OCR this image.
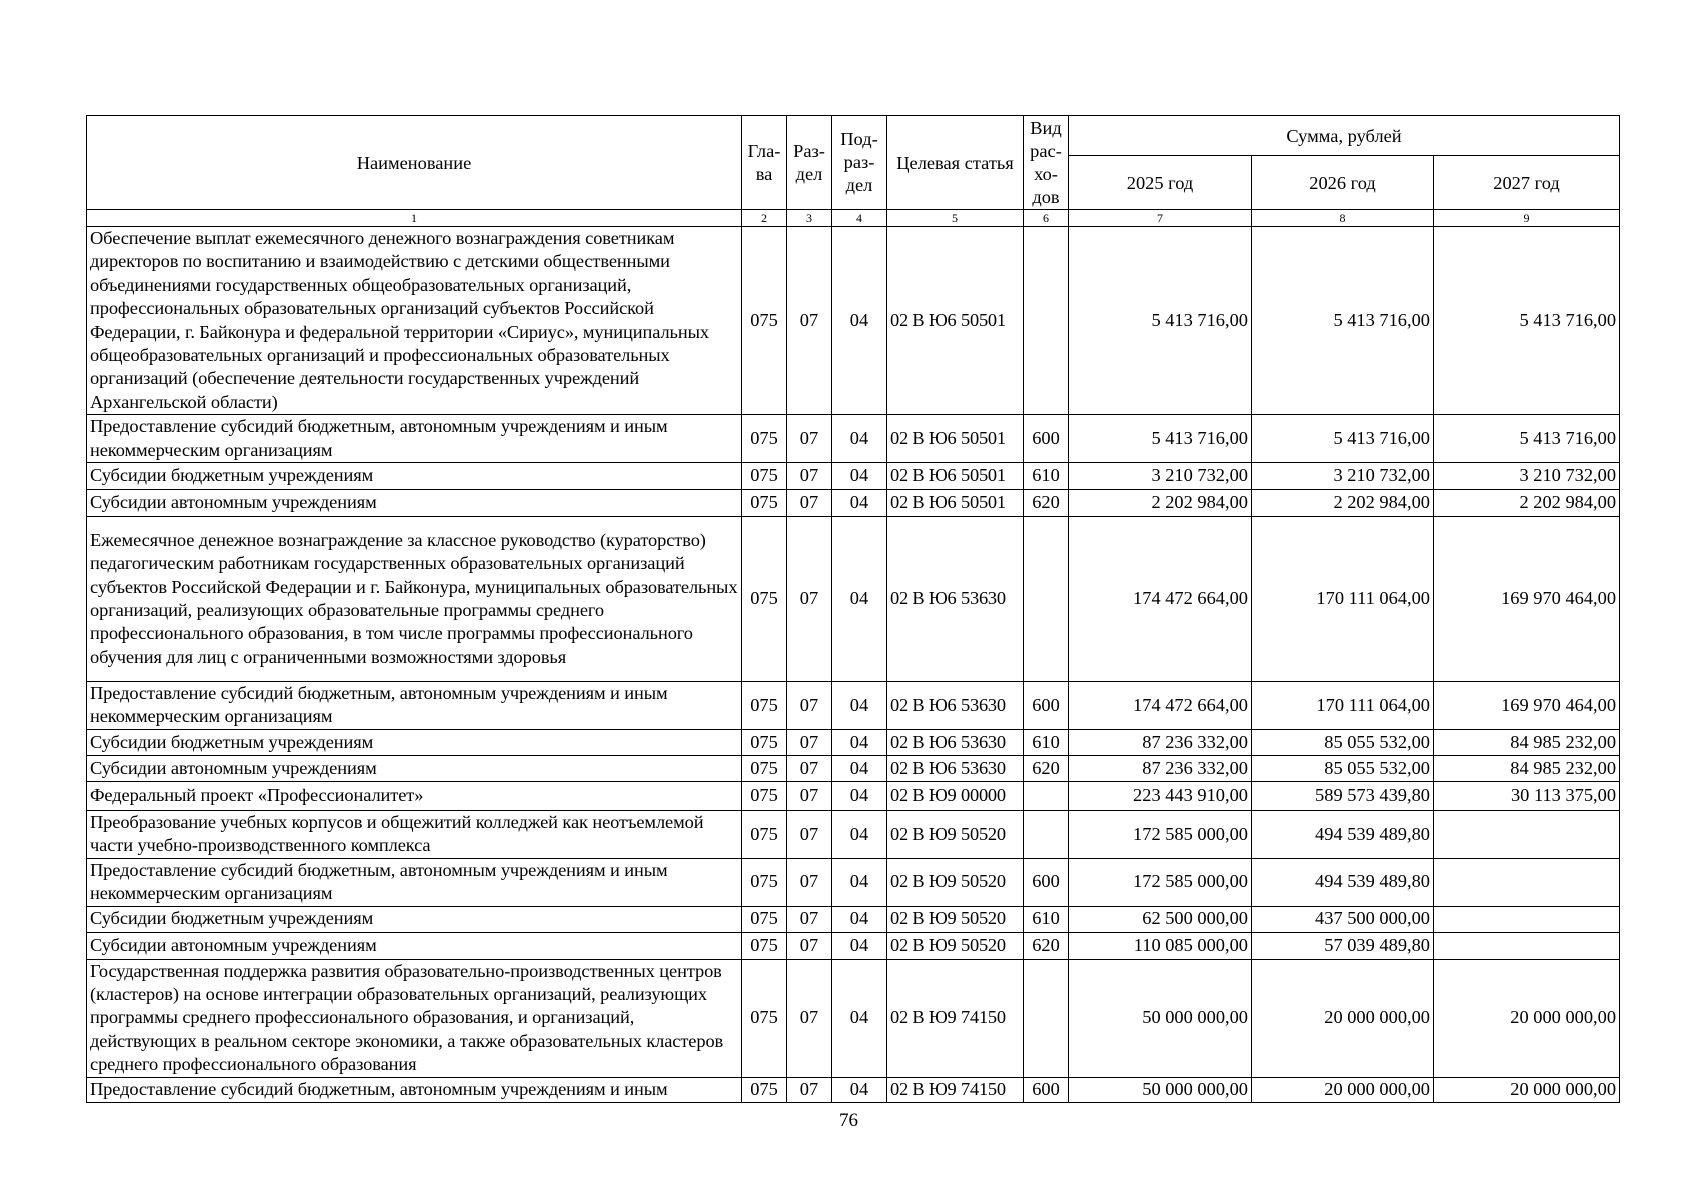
Наименование	Гла-ва	Раз-дел	Под-раз-дел	Целевая статья	Вид рас-хо-дов	Сумма, рублей		
						2025 год	2026 год	2027 год
1	2	3	4	5	6	7	8	9
Обеспечение выплат ежемесячного денежного вознаграждения советникам директоров по воспитанию и взаимодействию с детскими общественными объединениями государственных общеобразовательных организаций, профессиональных образовательных организаций субъектов Российской Федерации, г. Байконура и федеральной территории «Сириус», муниципальных общеобразовательных организаций и профессиональных образовательных организаций (обеспечение деятельности государственных учреждений Архангельской области)	075	07	04	02 В Ю6 50501		5 413 716,00	5 413 716,00	5 413 716,00
Предоставление субсидий бюджетным, автономным учреждениям и иным некоммерческим организациям	075	07	04	02 В Ю6 50501	600	5 413 716,00	5 413 716,00	5 413 716,00
Субсидии бюджетным учреждениям	075	07	04	02 В Ю6 50501	610	3 210 732,00	3 210 732,00	3 210 732,00
Субсидии автономным учреждениям	075	07	04	02 В Ю6 50501	620	2 202 984,00	2 202 984,00	2 202 984,00
Ежемесячное денежное вознаграждение за классное руководство (кураторство) педагогическим работникам государственных образовательных организаций субъектов Российской Федерации и г. Байконура, муниципальных образовательных организаций, реализующих образовательные программы среднего профессионального образования, в том числе программы профессионального обучения для лиц с ограниченными возможностями здоровья	075	07	04	02 В Ю6 53630		174 472 664,00	170 111 064,00	169 970 464,00
Предоставление субсидий бюджетным, автономным учреждениям и иным некоммерческим организациям	075	07	04	02 В Ю6 53630	600	174 472 664,00	170 111 064,00	169 970 464,00
Субсидии бюджетным учреждениям	075	07	04	02 В Ю6 53630	610	87 236 332,00	85 055 532,00	84 985 232,00
Субсидии автономным учреждениям	075	07	04	02 В Ю6 53630	620	87 236 332,00	85 055 532,00	84 985 232,00
Федеральный проект «Профессионалитет»	075	07	04	02 В Ю9 00000		223 443 910,00	589 573 439,80	30 113 375,00
Преобразование учебных корпусов и общежитий колледжей как неотъемлемой части учебно-производственного комплекса	075	07	04	02 В Ю9 50520		172 585 000,00	494 539 489,80	
Предоставление субсидий бюджетным, автономным учреждениям и иным некоммерческим организациям	075	07	04	02 В Ю9 50520	600	172 585 000,00	494 539 489,80	
Субсидии бюджетным учреждениям	075	07	04	02 В Ю9 50520	610	62 500 000,00	437 500 000,00	
Субсидии автономным учреждениям	075	07	04	02 В Ю9 50520	620	110 085 000,00	57 039 489,80	
Государственная поддержка развития образовательно-производственных центров (кластеров) на основе интеграции образовательных организаций, реализующих программы среднего профессионального образования, и организаций, действующих в реальном секторе экономики, а также образовательных кластеров среднего профессионального образования	075	07	04	02 В Ю9 74150		50 000 000,00	20 000 000,00	20 000 000,00
Предоставление субсидий бюджетным, автономным учреждениям и иным	075	07	04	02 В Ю9 74150	600	50 000 000,00	20 000 000,00	20 000 000,00
76
